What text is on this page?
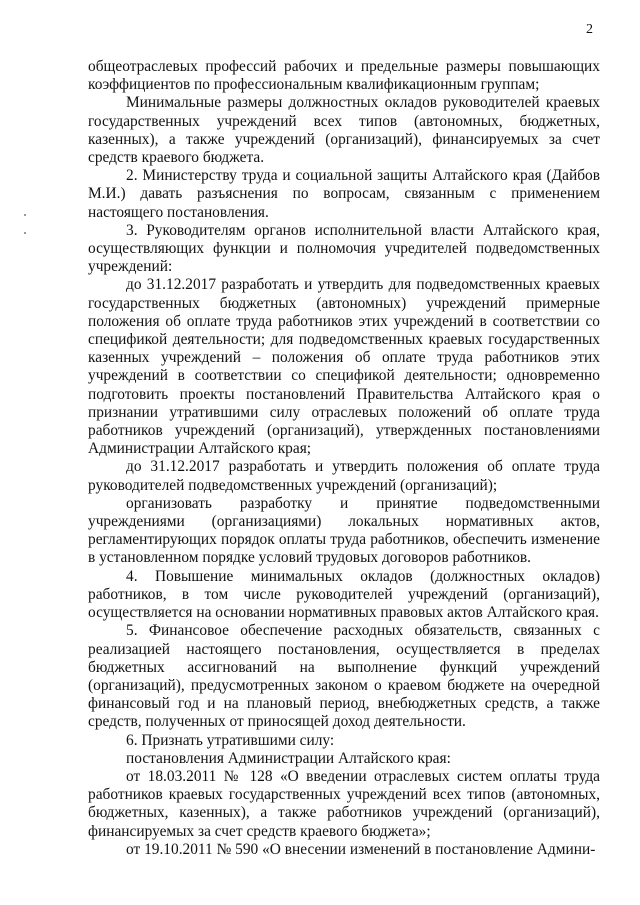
2

общеотраслевых профессий рабочих и предельные размеры повышающих коэффициентов по профессиональным квалификационным группам;

Минимальные размеры должностных окладов руководителей краевых государственных учреждений всех типов (автономных, бюджетных, казенных), а также учреждений (организаций), финансируемых за счет средств краевого бюджета.

2. Министерству труда и социальной защиты Алтайского края (Дайбов М.И.) давать разъяснения по вопросам, связанным с применением настоящего постановления.

3. Руководителям органов исполнительной власти Алтайского края, осуществляющих функции и полномочия учредителей подведомственных учреждений:

до 31.12.2017 разработать и утвердить для подведомственных краевых государственных бюджетных (автономных) учреждений примерные положения об оплате труда работников этих учреждений в соответствии со спецификой деятельности; для подведомственных краевых государственных казенных учреждений – положения об оплате труда работников этих учреждений в соответствии со спецификой деятельности; одновременно подготовить проекты постановлений Правительства Алтайского края о признании утратившими силу отраслевых положений об оплате труда работников учреждений (организаций), утвержденных постановлениями Администрации Алтайского края;

до 31.12.2017 разработать и утвердить положения об оплате труда руководителей подведомственных учреждений (организаций);

организовать разработку и принятие подведомственными учреждениями (организациями) локальных нормативных актов, регламентирующих порядок оплаты труда работников, обеспечить изменение в установленном порядке условий трудовых договоров работников.

4. Повышение минимальных окладов (должностных окладов) работников, в том числе руководителей учреждений (организаций), осуществляется на основании нормативных правовых актов Алтайского края.

5. Финансовое обеспечение расходных обязательств, связанных с реализацией настоящего постановления, осуществляется в пределах бюджетных ассигнований на выполнение функций учреждений (организаций), предусмотренных законом о краевом бюджете на очередной финансовый год и на плановый период, внебюджетных средств, а также средств, полученных от приносящей доход деятельности.

6. Признать утратившими силу:

постановления Администрации Алтайского края:

от 18.03.2011 № 128 «О введении отраслевых систем оплаты труда работников краевых государственных учреждений всех типов (автономных, бюджетных, казенных), а также работников учреждений (организаций), финансируемых за счет средств краевого бюджета»;

от 19.10.2011 № 590 «О внесении изменений в постановление Админи-
